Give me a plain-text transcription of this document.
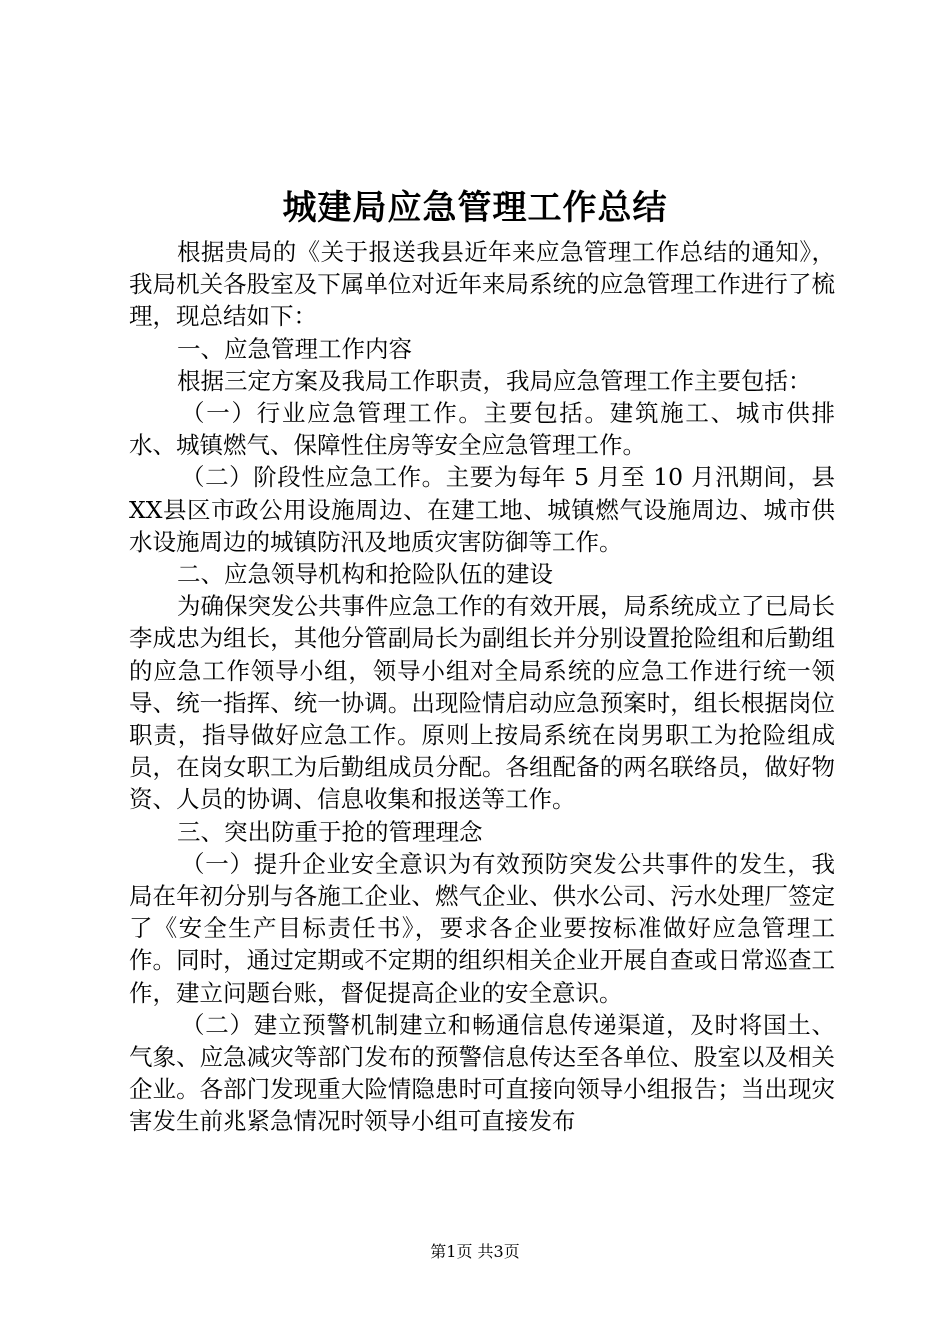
城建局应急管理工作总结

根据贵局的《关于报送我县近年来应急管理工作总结的通知》，我局机关各股室及下属单位对近年来局系统的应急管理工作进行了梳理，现总结如下：

一、应急管理工作内容

根据三定方案及我局工作职责，我局应急管理工作主要包括：

（一）行业应急管理工作。主要包括。建筑施工、城市供排水、城镇燃气、保障性住房等安全应急管理工作。

（二）阶段性应急工作。主要为每年 5 月至 10 月汛期间，县XX县区市政公用设施周边、在建工地、城镇燃气设施周边、城市供水设施周边的城镇防汛及地质灾害防御等工作。

二、应急领导机构和抢险队伍的建设

为确保突发公共事件应急工作的有效开展，局系统成立了已局长李成忠为组长，其他分管副局长为副组长并分别设置抢险组和后勤组的应急工作领导小组，领导小组对全局系统的应急工作进行统一领导、统一指挥、统一协调。出现险情启动应急预案时，组长根据岗位职责，指导做好应急工作。原则上按局系统在岗男职工为抢险组成员，在岗女职工为后勤组成员分配。各组配备的两名联络员，做好物资、人员的协调、信息收集和报送等工作。

三、突出防重于抢的管理理念

（一）提升企业安全意识为有效预防突发公共事件的发生，我局在年初分别与各施工企业、燃气企业、供水公司、污水处理厂签定了《安全生产目标责任书》，要求各企业要按标准做好应急管理工作。同时，通过定期或不定期的组织相关企业开展自查或日常巡查工作，建立问题台账，督促提高企业的安全意识。

（二）建立预警机制建立和畅通信息传递渠道，及时将国土、气象、应急减灾等部门发布的预警信息传达至各单位、股室以及相关企业。各部门发现重大险情隐患时可直接向领导小组报告；当出现灾害发生前兆紧急情况时领导小组可直接发布

第1页 共3页
